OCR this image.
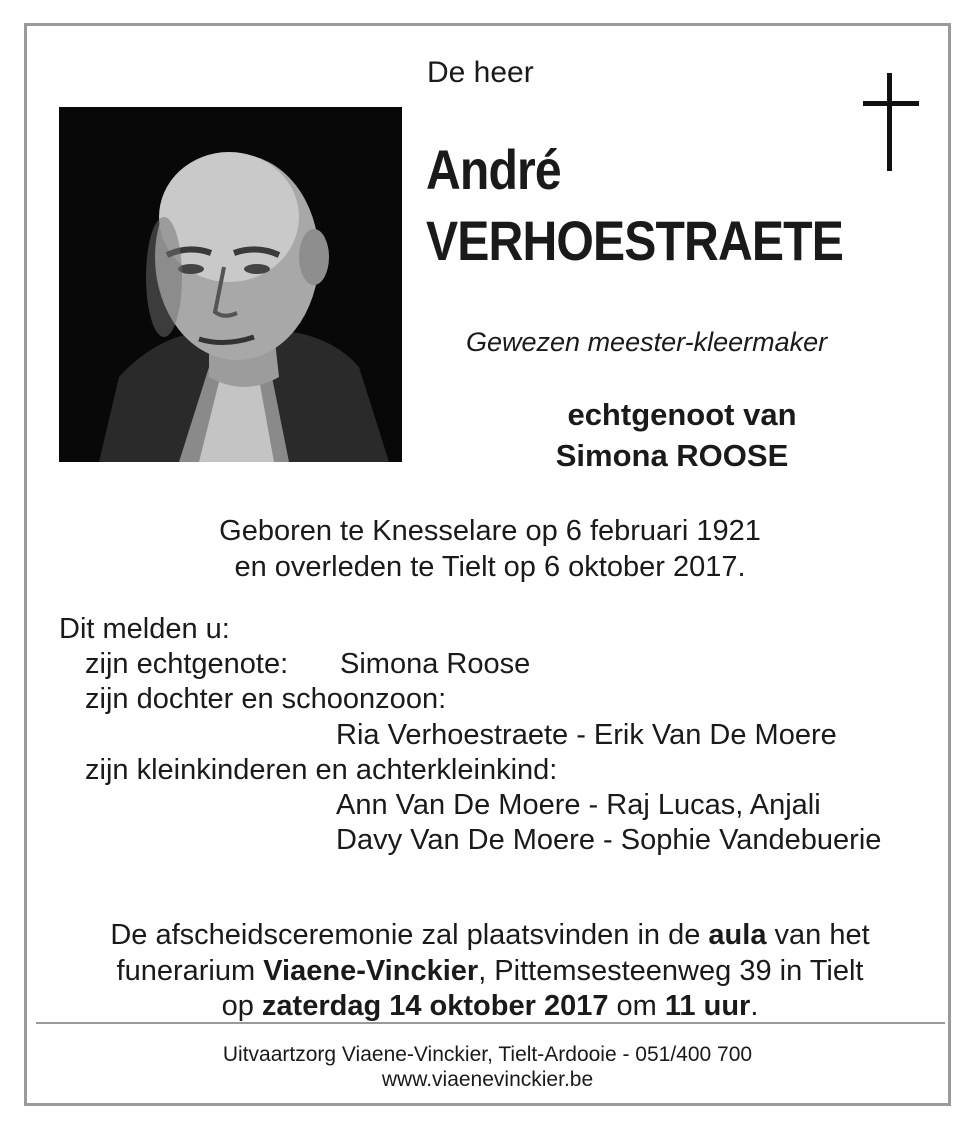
De heer
André
VERHOESTRAETE
Gewezen meester-kleermaker
echtgenoot van
Simona ROOSE
Geboren te Knesselare op 6 februari 1921
en overleden te Tielt op 6 oktober 2017.
Dit melden u:
zijn echtgenote: Simona Roose
zijn dochter en schoonzoon:
Ria Verhoestraete - Erik Van De Moere
zijn kleinkinderen en achterkleinkind:
Ann Van De Moere - Raj Lucas, Anjali
Davy Van De Moere - Sophie Vandebuerie
De afscheidsceremonie zal plaatsvinden in de aula van het
funerarium Viaene-Vinckier, Pittemsesteenweg 39 in Tielt
op zaterdag 14 oktober 2017 om 11 uur.
Uitvaartzorg Viaene-Vinckier, Tielt-Ardooie - 051/400 700
www.viaenevinckier.be
